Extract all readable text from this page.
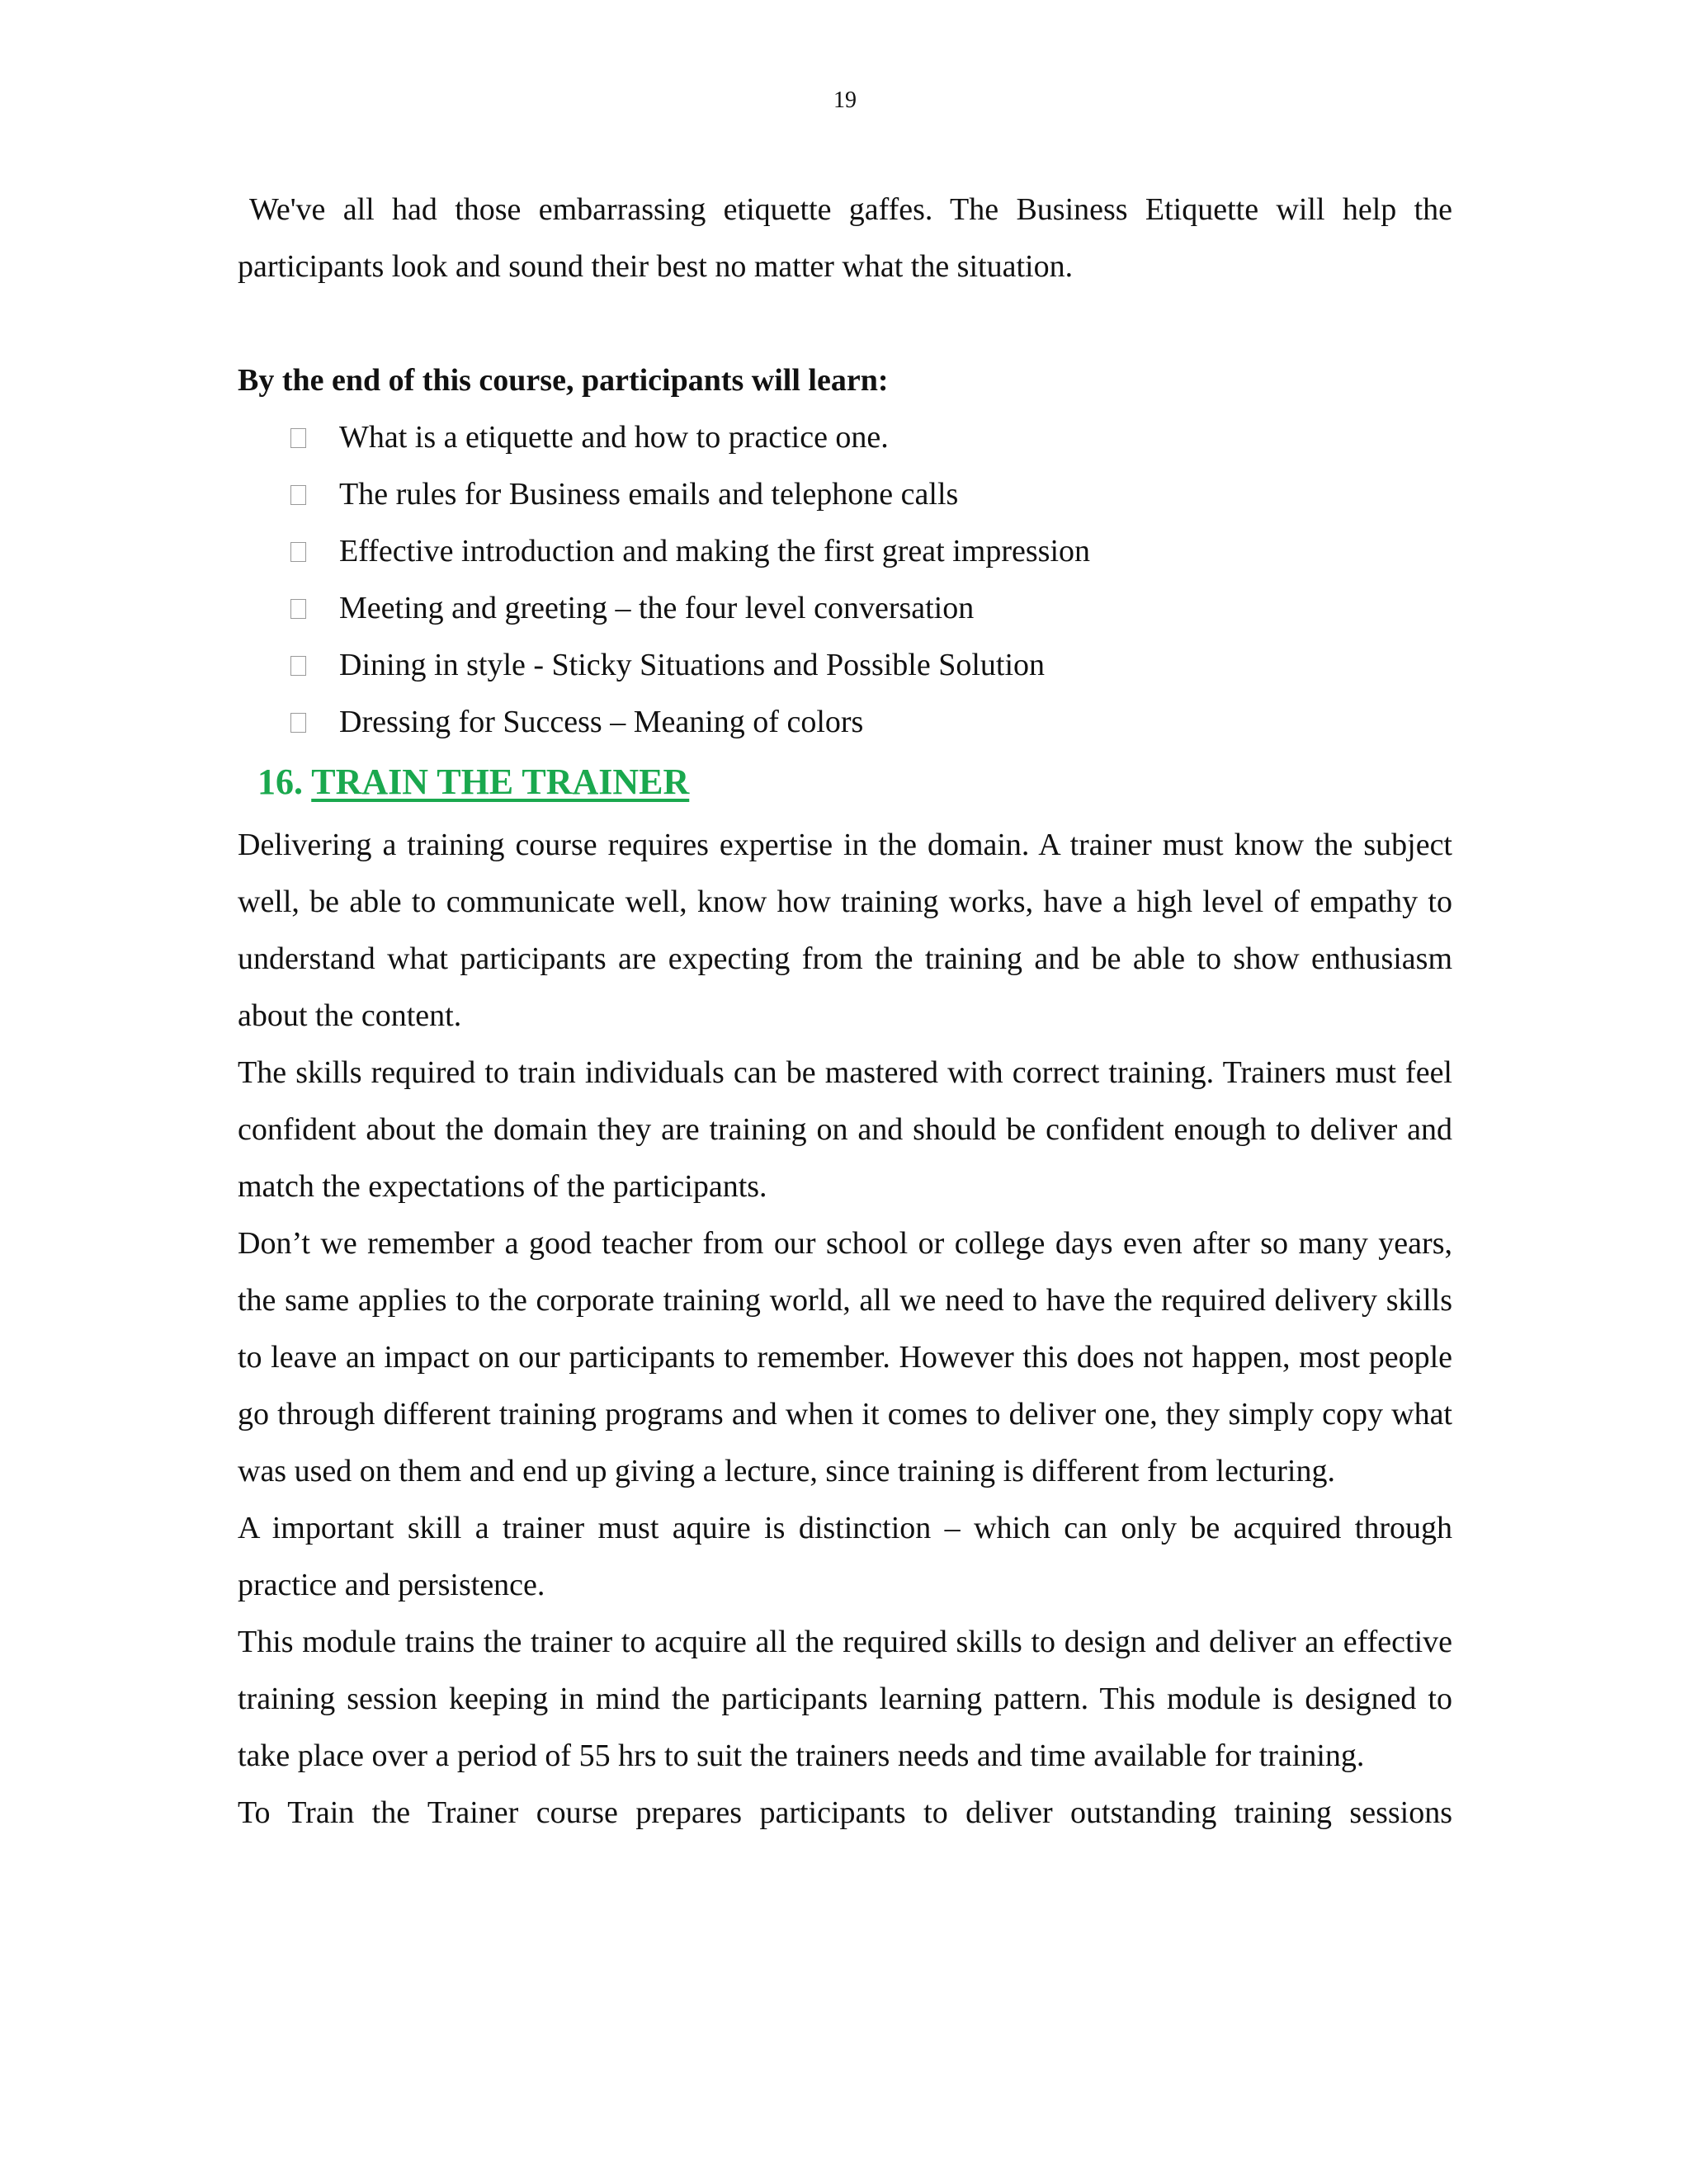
19

We've all had those embarrassing etiquette gaffes. The Business Etiquette will help the participants look and sound their best no matter what the situation.

By the end of this course, participants will learn:

What is a etiquette and how to practice one.
The rules for Business emails and telephone calls
Effective introduction and making the first great impression
Meeting and greeting – the four level conversation
Dining in style - Sticky Situations and Possible Solution
Dressing for Success – Meaning of colors
16. TRAIN THE TRAINER

Delivering a training course requires expertise in the domain. A trainer must know the subject well, be able to communicate well, know how training works, have a high level of empathy to understand what participants are expecting from the training and be able to show enthusiasm about the content.

The skills required to train individuals can be mastered with correct training. Trainers must feel confident about the domain they are training on and should be confident enough to deliver and match the expectations of the participants.

Don’t we remember a good teacher from our school or college days even after so many years, the same applies to the corporate training world, all we need to have the required delivery skills to leave an impact on our participants to remember. However this does not happen, most people go through different training programs and when it comes to deliver one, they simply copy what was used on them and end up giving a lecture, since training is different from lecturing.

A important skill a trainer must aquire is distinction – which can only be acquired through practice and persistence.

This module trains the trainer to acquire all the required skills to design and deliver an effective training session keeping in mind the participants learning pattern. This module is designed to take place over a period of 55 hrs to suit the trainers needs and time available for training.

To Train the Trainer course prepares participants to deliver outstanding training sessions
